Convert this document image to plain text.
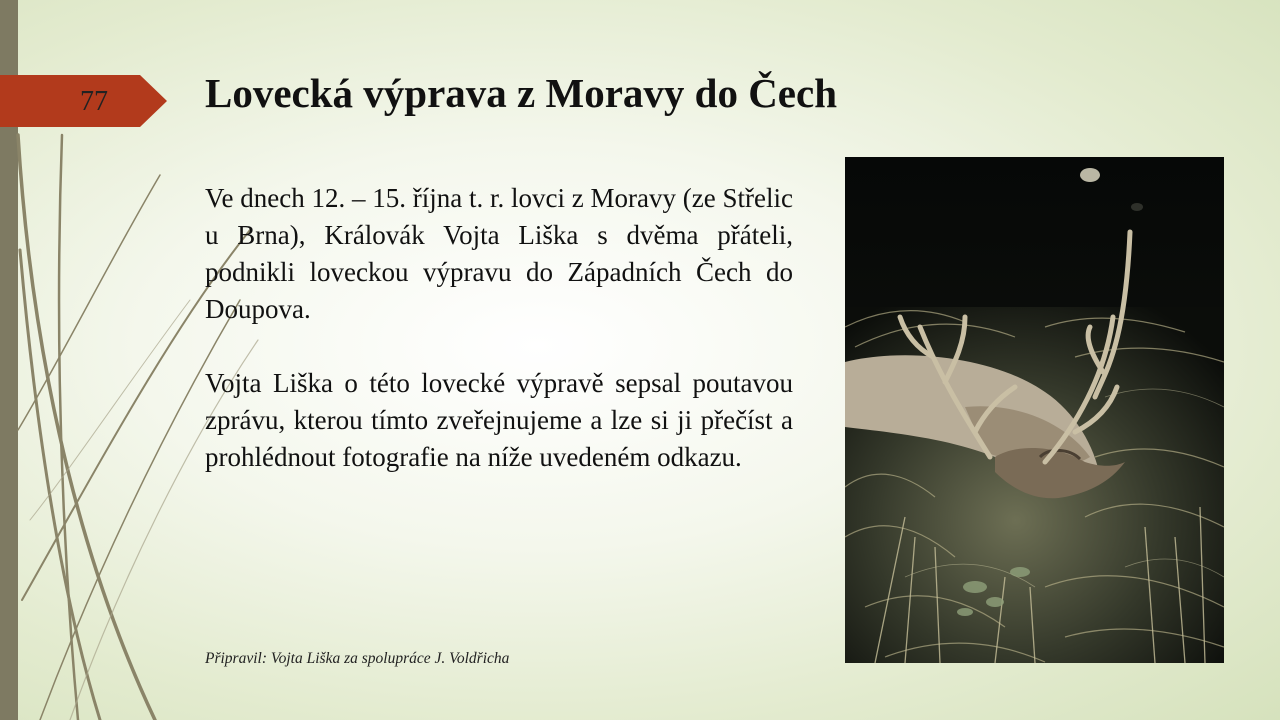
77 Lovecká výprava z Moravy do Čech

Ve dnech 12. – 15. října t. r. lovci z Moravy (ze Střelic u Brna), Královák Vojta Liška s dvěma přáteli, podnikli loveckou výpravu do Západních Čech do Doupova.

Vojta Liška o této lovecké výpravě sepsal poutavou zprávu, kterou tímto zveřejnujeme a lze si ji přečíst a prohlédnout fotografie na níže uvedeném odkazu.

Připravil: Vojta Liška za spolupráce J. Voldřicha
